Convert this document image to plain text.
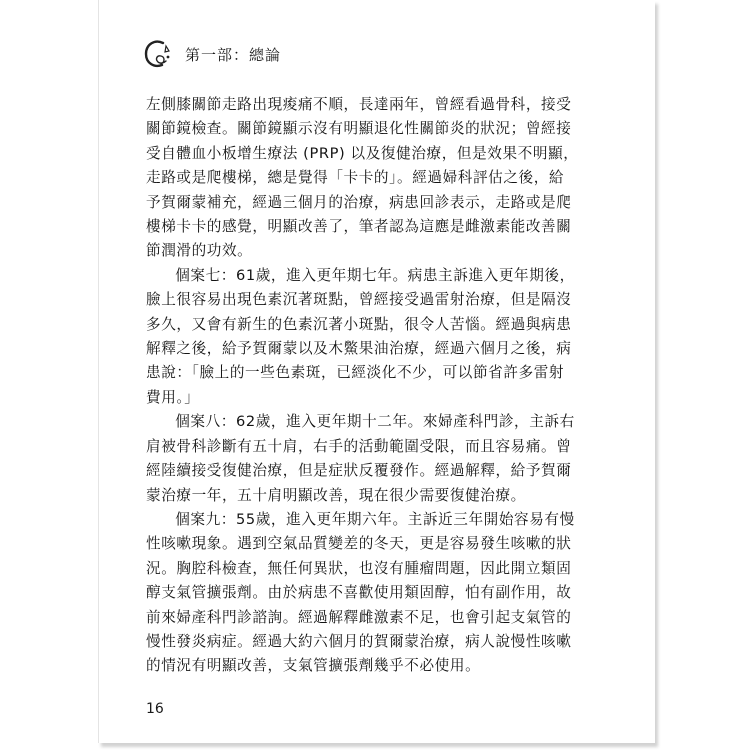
第一部：總論

左側膝關節走路出現痠痛不順，長達兩年，曾經看過骨科，接受
關節鏡檢查。關節鏡顯示沒有明顯退化性關節炎的狀況；曾經接
受自體血小板增生療法 (PRP) 以及復健治療，但是效果不明顯，
走路或是爬樓梯，總是覺得「卡卡的」。經過婦科評估之後，給
予賀爾蒙補充，經過三個月的治療，病患回診表示，走路或是爬
樓梯卡卡的感覺，明顯改善了，筆者認為這應是雌激素能改善關
節潤滑的功效。

個案七：61歲，進入更年期七年。病患主訴進入更年期後，
臉上很容易出現色素沉著斑點，曾經接受過雷射治療，但是隔沒
多久，又會有新生的色素沉著小斑點，很令人苦惱。經過與病患
解釋之後，給予賀爾蒙以及木鱉果油治療，經過六個月之後，病
患說：「臉上的一些色素斑，已經淡化不少，可以節省許多雷射
費用。」

個案八：62歲，進入更年期十二年。來婦產科門診，主訴右
肩被骨科診斷有五十肩，右手的活動範圍受限，而且容易痛。曾
經陸續接受復健治療，但是症狀反覆發作。經過解釋，給予賀爾
蒙治療一年，五十肩明顯改善，現在很少需要復健治療。

個案九：55歲，進入更年期六年。主訴近三年開始容易有慢
性咳嗽現象。遇到空氣品質變差的冬天，更是容易發生咳嗽的狀
況。胸腔科檢查，無任何異狀，也沒有腫瘤問題，因此開立類固
醇支氣管擴張劑。由於病患不喜歡使用類固醇，怕有副作用，故
前來婦產科門診諮詢。經過解釋雌激素不足，也會引起支氣管的
慢性發炎病症。經過大約六個月的賀爾蒙治療，病人說慢性咳嗽
的情況有明顯改善，支氣管擴張劑幾乎不必使用。

16
